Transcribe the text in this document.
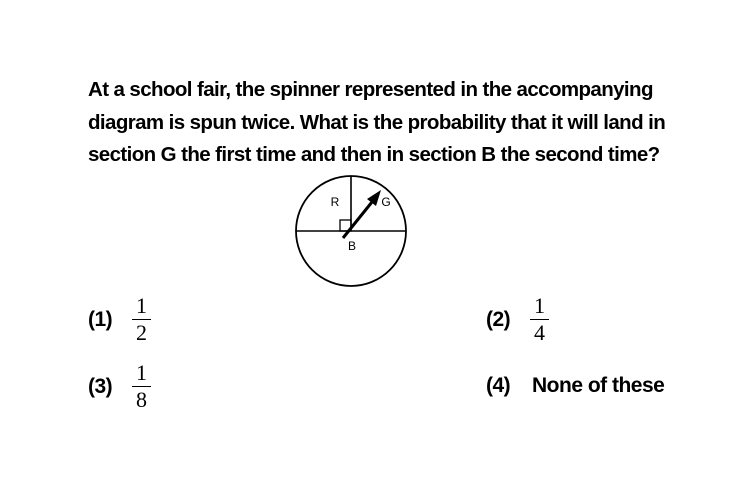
At a school fair, the spinner represented in the accompanying diagram is spun twice. What is the probability that it will land in section G the first time and then in section B the second time?

R	G
B
$(1) \frac{1}{2}$	$(2) \frac{1}{4}$
$(3) \frac{1}{8}$	(4)	None of these
